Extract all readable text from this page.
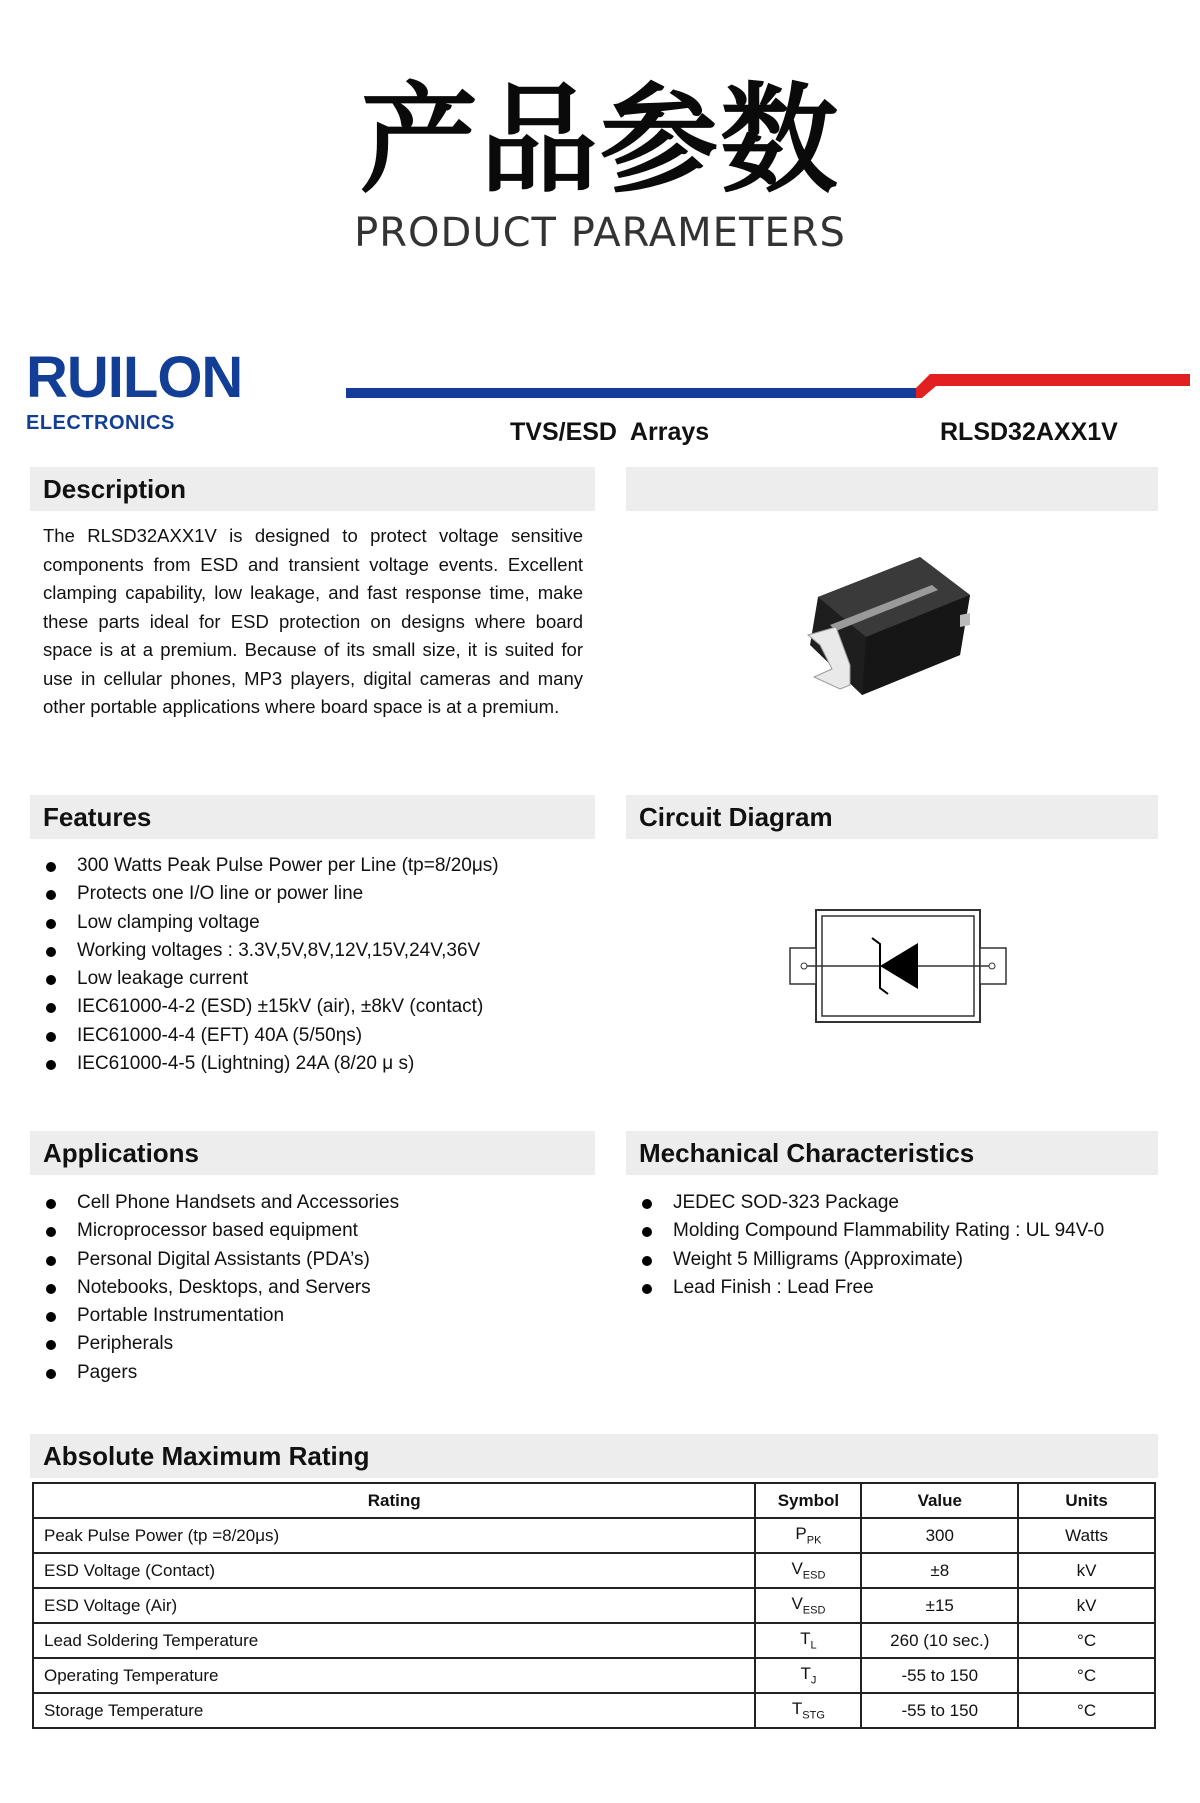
产品参数
PRODUCT PARAMETERS
RUILON
ELECTRONICS	TVS/ESD  Arrays	RLSD32AXX1V
Description
The RLSD32AXX1V is designed to protect voltage sensitive components from ESD and transient voltage events. Excellent clamping capability, low leakage, and fast response time, make these parts ideal for ESD protection on designs where board space is at a premium. Because of its small size, it is suited for use in cellular phones, MP3 players, digital cameras and many other portable applications where board space is at a premium.
Features
300 Watts Peak Pulse Power per Line (tp=8/20μs)
Protects one I/O line or power line
Low clamping voltage
Working voltages : 3.3V,5V,8V,12V,15V,24V,36V
Low leakage current
IEC61000-4-2 (ESD) ±15kV (air), ±8kV (contact)
IEC61000-4-4 (EFT) 40A (5/50ηs)
IEC61000-4-5 (Lightning) 24A (8/20 μ s)
Circuit Diagram
Applications
Cell Phone Handsets and Accessories
Microprocessor based equipment
Personal Digital Assistants (PDA’s)
Notebooks, Desktops, and Servers
Portable Instrumentation
Peripherals
Pagers
Mechanical Characteristics
JEDEC SOD-323 Package
Molding Compound Flammability Rating : UL 94V-0
Weight 5 Milligrams (Approximate)
Lead Finish : Lead Free
Absolute Maximum Rating
Rating	Symbol	Value	Units
Peak Pulse Power (tp =8/20μs)	$P_{PK}$	300	Watts
ESD Voltage (Contact)	$V_{ESD}$	±8	kV
ESD Voltage (Air)	$V_{ESD}$	±15	kV
Lead Soldering Temperature	$T_L$	260 (10 sec.)	°C
Operating Temperature	$T_J$	-55 to 150	°C
Storage Temperature	$T_{STG}$	-55 to 150	°C
